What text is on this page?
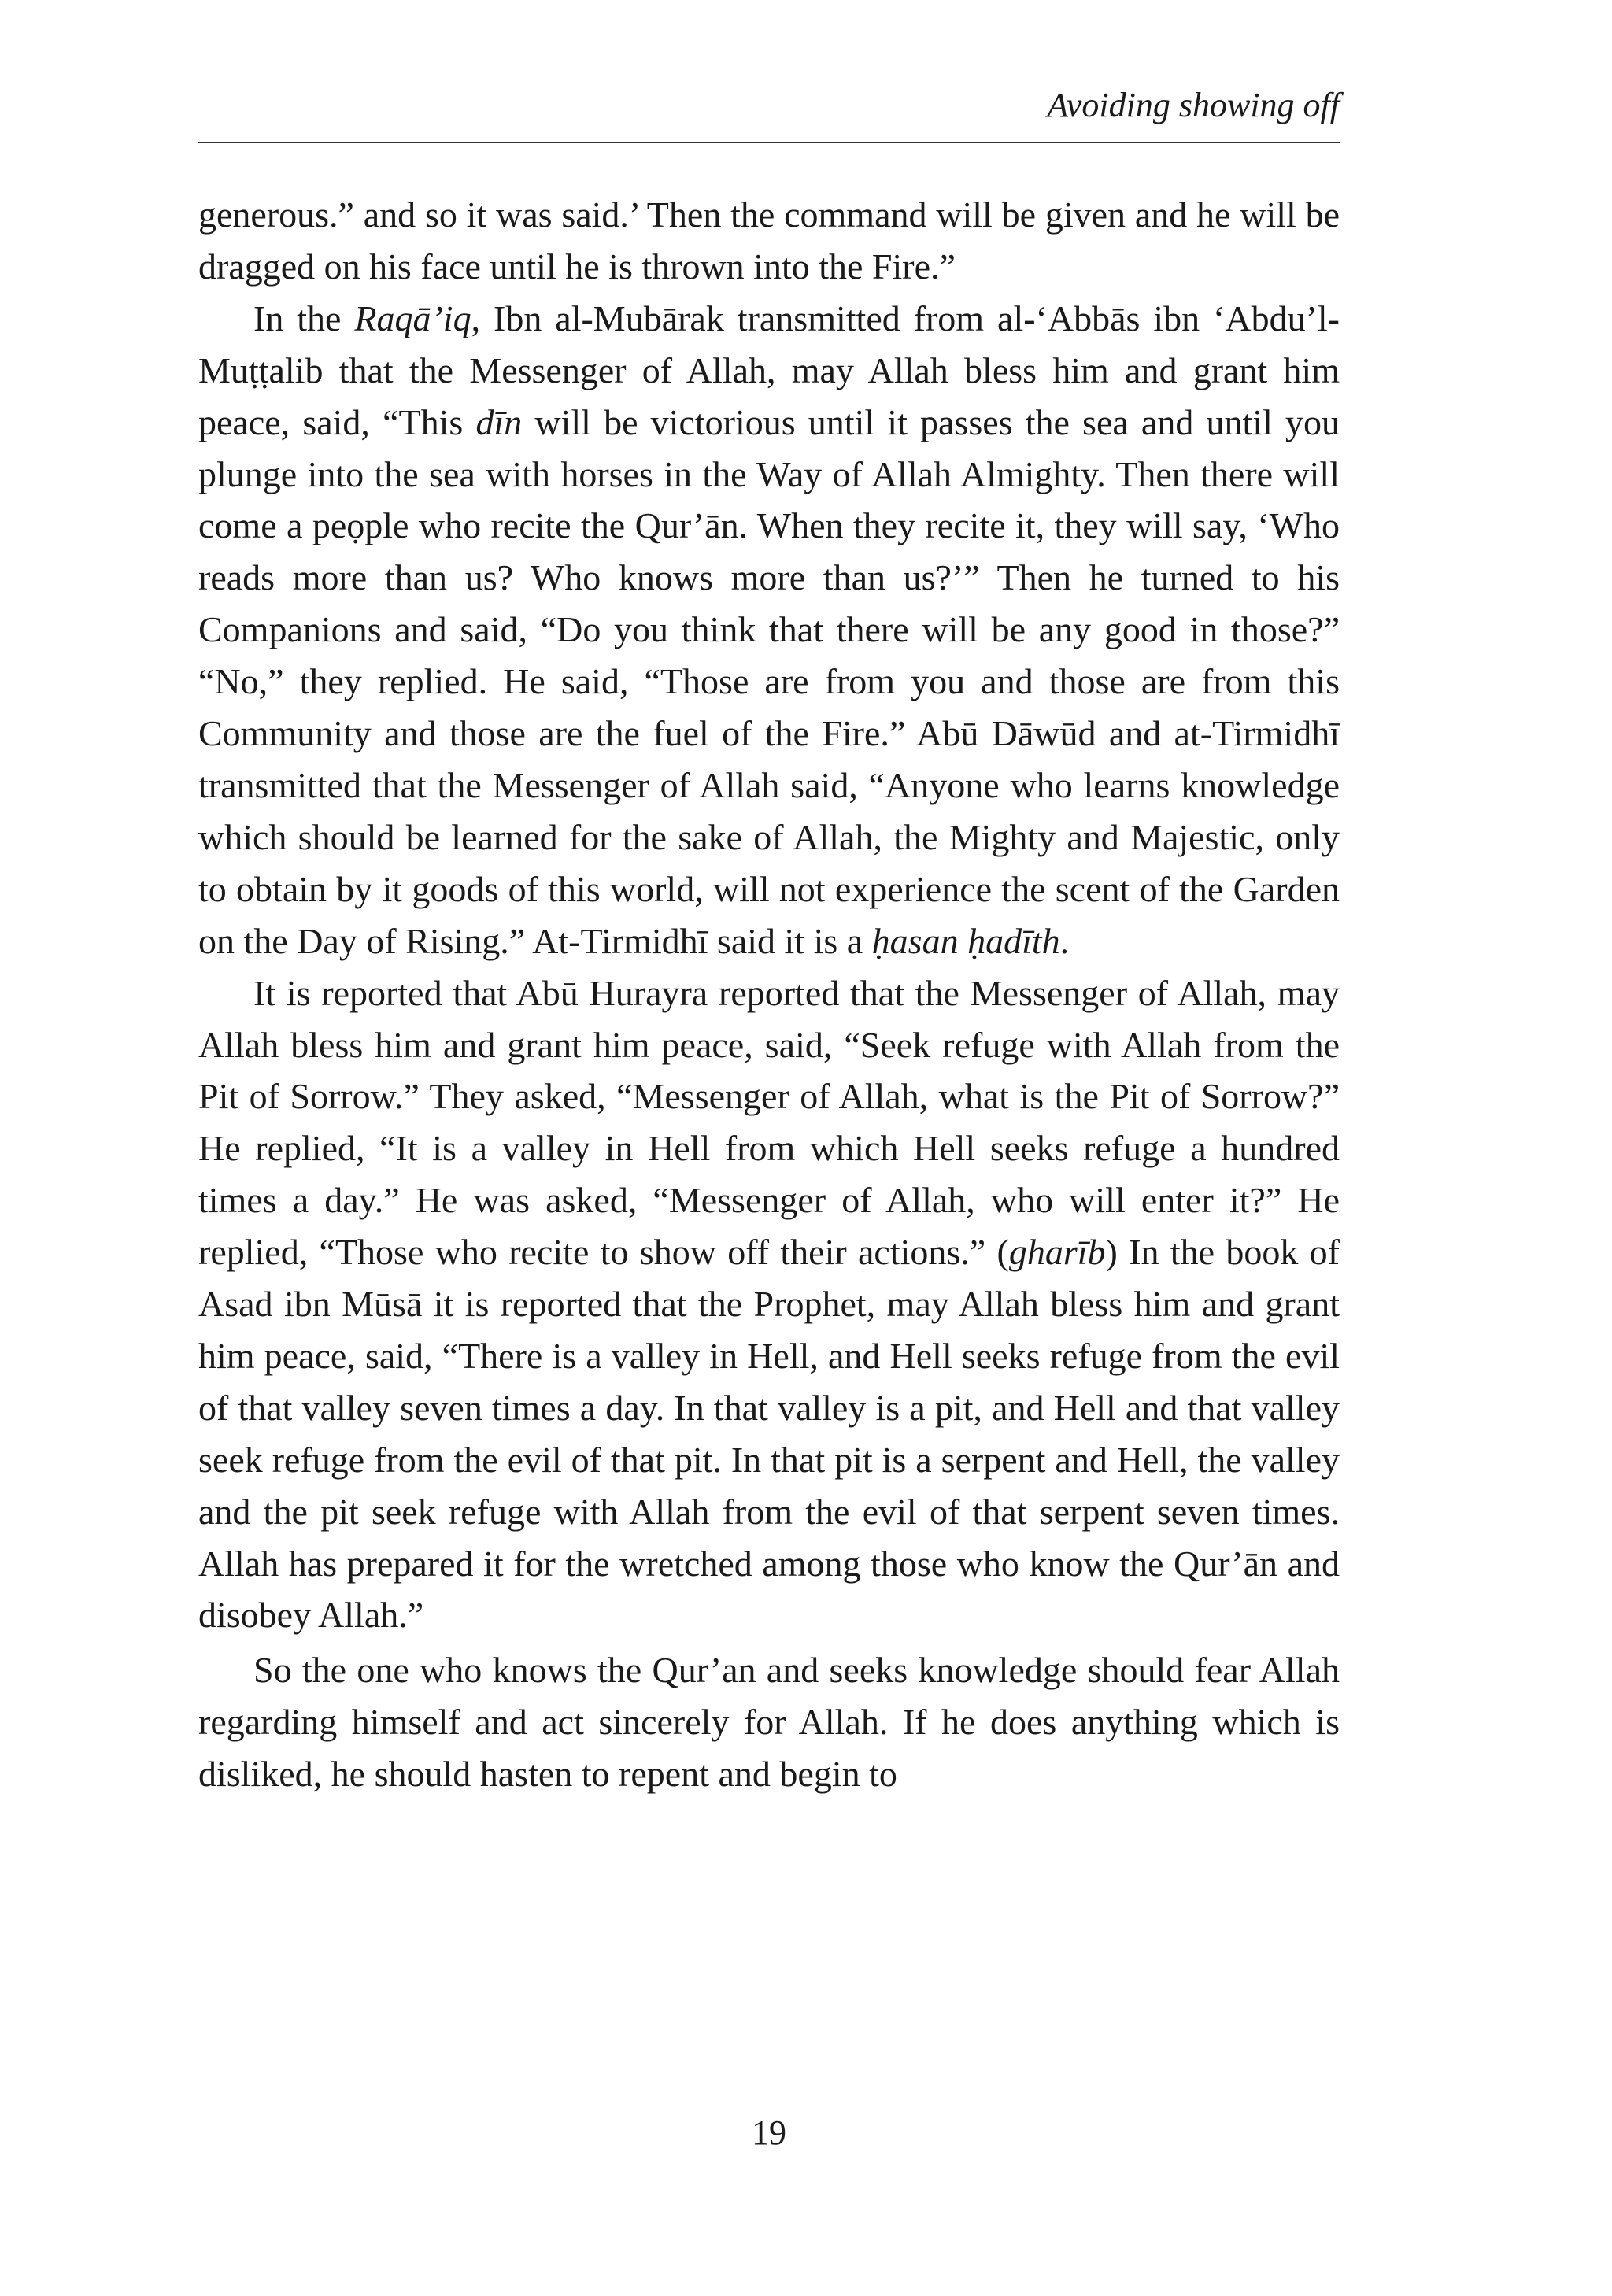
Avoiding showing off

generous.” and so it was said.’ Then the command will be given and he will be dragged on his face until he is thrown into the Fire.”

In the Raqā’iq, Ibn al-Mubārak transmitted from al-‘Abbās ibn ‘Abdu’l-Muṭṭalib that the Messenger of Allah, may Allah bless him and grant him peace, said, “This dīn will be victorious until it passes the sea and until you plunge into the sea with horses in the Way of Allah Almighty. Then there will come a peọple who recite the Qur’ān. When they recite it, they will say, ‘Who reads more than us? Who knows more than us?’” Then he turned to his Companions and said, “Do you think that there will be any good in those?” “No,” they replied. He said, “Those are from you and those are from this Community and those are the fuel of the Fire.” Abū Dāwūd and at-Tirmidhī transmitted that the Messenger of Allah said, “Anyone who learns knowledge which should be learned for the sake of Allah, the Mighty and Majestic, only to obtain by it goods of this world, will not experience the scent of the Garden on the Day of Rising.” At-Tirmidhī said it is a ḥasan ḥadīth.

It is reported that Abū Hurayra reported that the Messenger of Allah, may Allah bless him and grant him peace, said, “Seek refuge with Allah from the Pit of Sorrow.” They asked, “Messenger of Allah, what is the Pit of Sorrow?” He replied, “It is a valley in Hell from which Hell seeks refuge a hundred times a day.” He was asked, “Messenger of Allah, who will enter it?” He replied, “Those who recite to show off their actions.” (gharīb) In the book of Asad ibn Mūsā it is reported that the Prophet, may Allah bless him and grant him peace, said, “There is a valley in Hell, and Hell seeks refuge from the evil of that valley seven times a day. In that valley is a pit, and Hell and that valley seek refuge from the evil of that pit. In that pit is a serpent and Hell, the valley and the pit seek refuge with Allah from the evil of that serpent seven times. Allah has prepared it for the wretched among those who know the Qur’ān and disobey Allah.”

So the one who knows the Qur’an and seeks knowledge should fear Allah regarding himself and act sincerely for Allah. If he does anything which is disliked, he should hasten to repent and begin to

19
